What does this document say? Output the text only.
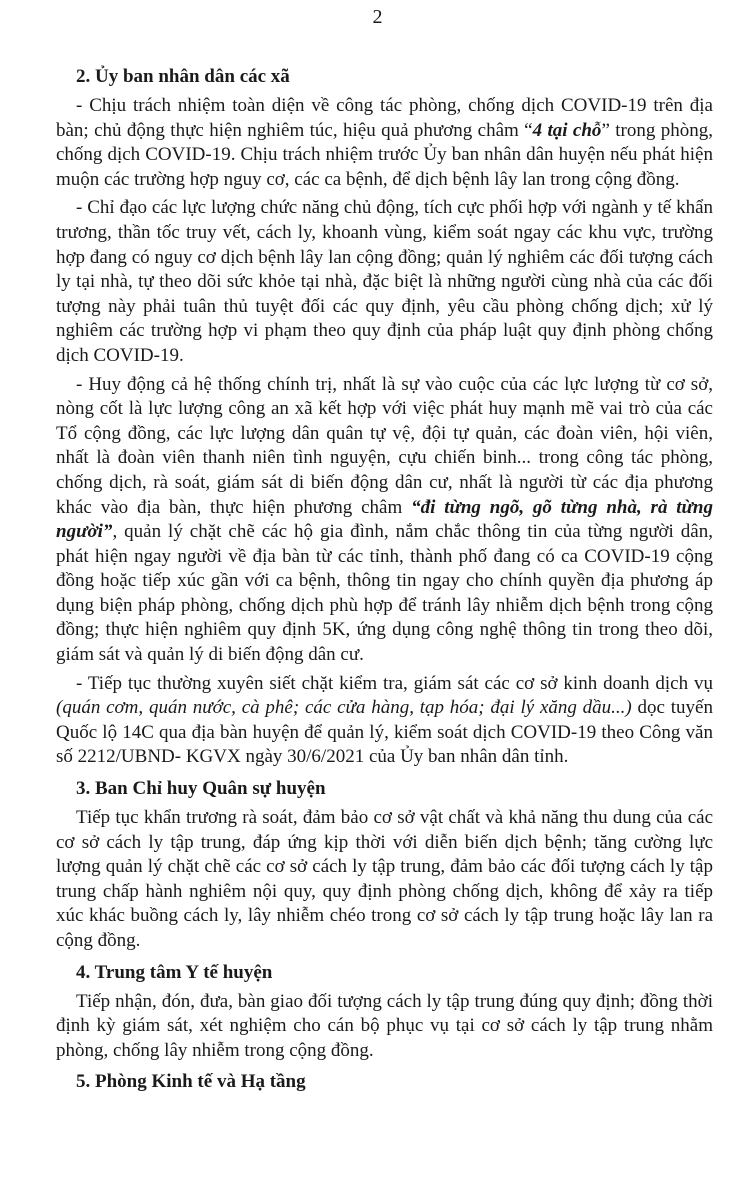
2
2. Ủy ban nhân dân các xã

- Chịu trách nhiệm toàn diện về công tác phòng, chống dịch COVID-19 trên địa bàn; chủ động thực hiện nghiêm túc, hiệu quả phương châm “4 tại chỗ” trong phòng, chống dịch COVID-19. Chịu trách nhiệm trước Ủy ban nhân dân huyện nếu phát hiện muộn các trường hợp nguy cơ, các ca bệnh, để dịch bệnh lây lan trong cộng đồng.

- Chỉ đạo các lực lượng chức năng chủ động, tích cực phối hợp với ngành y tế khẩn trương, thần tốc truy vết, cách ly, khoanh vùng, kiểm soát ngay các khu vực, trường hợp đang có nguy cơ dịch bệnh lây lan cộng đồng; quản lý nghiêm các đối tượng cách ly tại nhà, tự theo dõi sức khỏe tại nhà, đặc biệt là những người cùng nhà của các đối tượng này phải tuân thủ tuyệt đối các quy định, yêu cầu phòng chống dịch; xử lý nghiêm các trường hợp vi phạm theo quy định của pháp luật quy định phòng chống dịch COVID-19.

- Huy động cả hệ thống chính trị, nhất là sự vào cuộc của các lực lượng từ cơ sở, nòng cốt là lực lượng công an xã kết hợp với việc phát huy mạnh mẽ vai trò của các Tổ cộng đồng, các lực lượng dân quân tự vệ, đội tự quản, các đoàn viên, hội viên, nhất là đoàn viên thanh niên tình nguyện, cựu chiến binh... trong công tác phòng, chống dịch, rà soát, giám sát di biến động dân cư, nhất là người từ các địa phương khác vào địa bàn, thực hiện phương châm “đi từng ngõ, gõ từng nhà, rà từng người”, quản lý chặt chẽ các hộ gia đình, nắm chắc thông tin của từng người dân, phát hiện ngay người về địa bàn từ các tỉnh, thành phố đang có ca COVID-19 cộng đồng hoặc tiếp xúc gần với ca bệnh, thông tin ngay cho chính quyền địa phương áp dụng biện pháp phòng, chống dịch phù hợp để tránh lây nhiễm dịch bệnh trong cộng đồng; thực hiện nghiêm quy định 5K, ứng dụng công nghệ thông tin trong theo dõi, giám sát và quản lý di biến động dân cư.

- Tiếp tục thường xuyên siết chặt kiểm tra, giám sát các cơ sở kinh doanh dịch vụ (quán cơm, quán nước, cà phê; các cửa hàng, tạp hóa; đại lý xăng dầu...) dọc tuyến Quốc lộ 14C qua địa bàn huyện để quản lý, kiểm soát dịch COVID-19 theo Công văn số 2212/UBND- KGVX ngày 30/6/2021 của Ủy ban nhân dân tỉnh.

3. Ban Chỉ huy Quân sự huyện

Tiếp tục khẩn trương rà soát, đảm bảo cơ sở vật chất và khả năng thu dung của các cơ sở cách ly tập trung, đáp ứng kịp thời với diễn biến dịch bệnh; tăng cường lực lượng quản lý chặt chẽ các cơ sở cách ly tập trung, đảm bảo các đối tượng cách ly tập trung chấp hành nghiêm nội quy, quy định phòng chống dịch, không để xảy ra tiếp xúc khác buồng cách ly, lây nhiễm chéo trong cơ sở cách ly tập trung hoặc lây lan ra cộng đồng.

4. Trung tâm Y tế huyện

Tiếp nhận, đón, đưa, bàn giao đối tượng cách ly tập trung đúng quy định; đồng thời định kỳ giám sát, xét nghiệm cho cán bộ phục vụ tại cơ sở cách ly tập trung nhằm phòng, chống lây nhiễm trong cộng đồng.

5. Phòng Kinh tế và Hạ tầng
